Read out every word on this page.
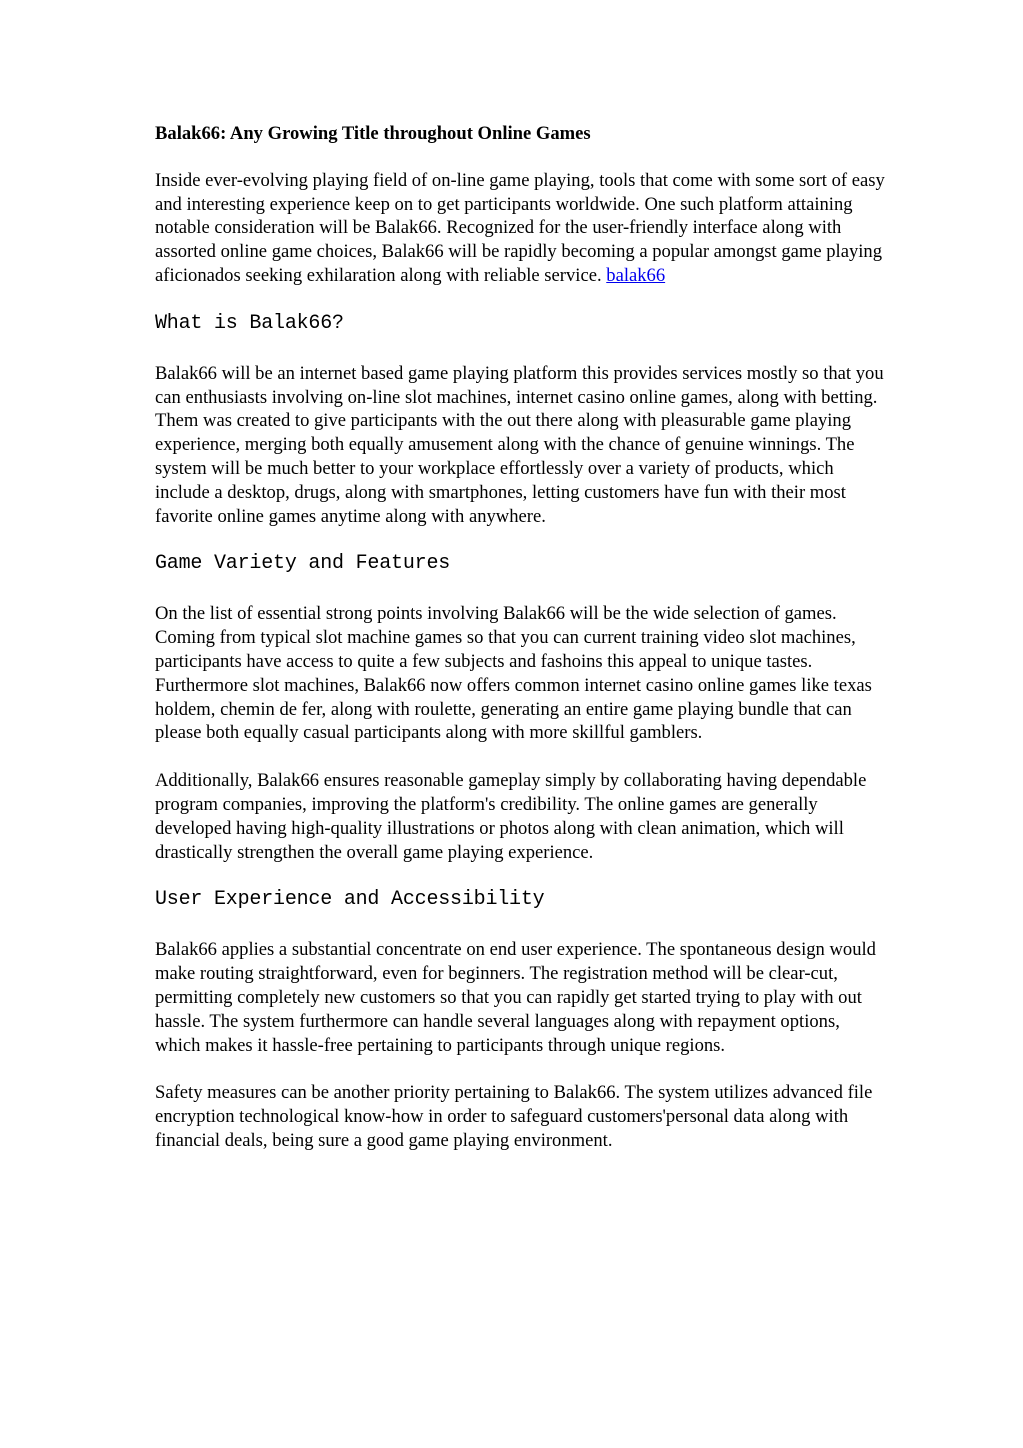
Balak66: Any Growing Title throughout Online Games

Inside ever-evolving playing field of on-line game playing, tools that come with some sort of easy and interesting experience keep on to get participants worldwide. One such platform attaining notable consideration will be Balak66. Recognized for the user-friendly interface along with assorted online game choices, Balak66 will be rapidly becoming a popular amongst game playing aficionados seeking exhilaration along with reliable service. balak66

What is Balak66?

Balak66 will be an internet based game playing platform this provides services mostly so that you can enthusiasts involving on-line slot machines, internet casino online games, along with betting. Them was created to give participants with the out there along with pleasurable game playing experience, merging both equally amusement along with the chance of genuine winnings. The system will be much better to your workplace effortlessly over a variety of products, which include a desktop, drugs, along with smartphones, letting customers have fun with their most favorite online games anytime along with anywhere.

Game Variety and Features

On the list of essential strong points involving Balak66 will be the wide selection of games. Coming from typical slot machine games so that you can current training video slot machines, participants have access to quite a few subjects and fashoins this appeal to unique tastes. Furthermore slot machines, Balak66 now offers common internet casino online games like texas holdem, chemin de fer, along with roulette, generating an entire game playing bundle that can please both equally casual participants along with more skillful gamblers.

Additionally, Balak66 ensures reasonable gameplay simply by collaborating having dependable program companies, improving the platform's credibility. The online games are generally developed having high-quality illustrations or photos along with clean animation, which will drastically strengthen the overall game playing experience.

User Experience and Accessibility

Balak66 applies a substantial concentrate on end user experience. The spontaneous design would make routing straightforward, even for beginners. The registration method will be clear-cut, permitting completely new customers so that you can rapidly get started trying to play with out hassle. The system furthermore can handle several languages along with repayment options, which makes it hassle-free pertaining to participants through unique regions.

Safety measures can be another priority pertaining to Balak66. The system utilizes advanced file encryption technological know-how in order to safeguard customers'personal data along with financial deals, being sure a good game playing environment.
